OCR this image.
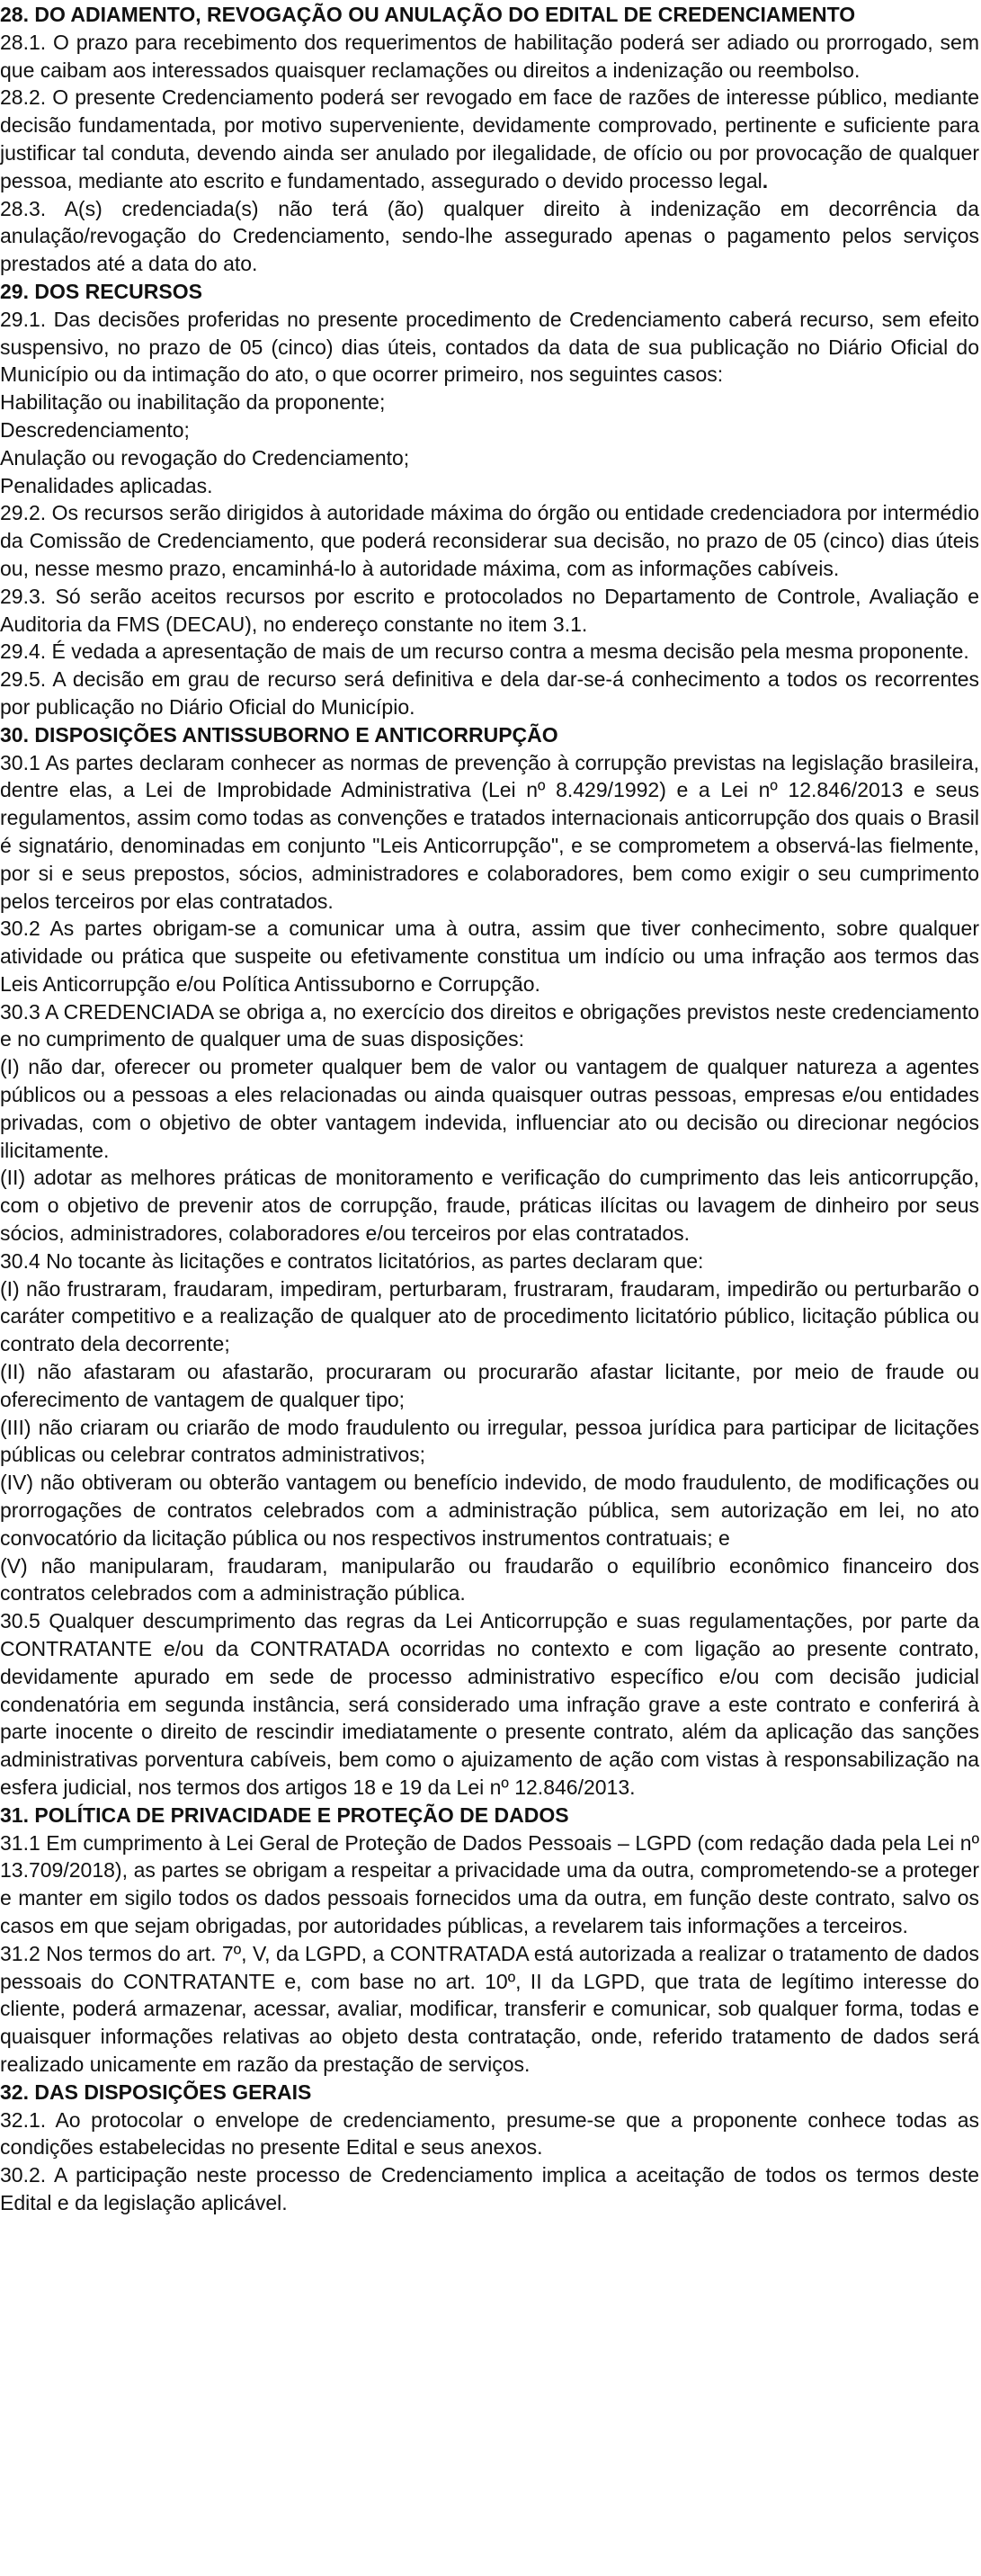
28. DO ADIAMENTO, REVOGAÇÃO OU ANULAÇÃO DO EDITAL DE CREDENCIAMENTO

28.1. O prazo para recebimento dos requerimentos de habilitação poderá ser adiado ou prorrogado, sem que caibam aos interessados quaisquer reclamações ou direitos a indenização ou reembolso.

28.2. O presente Credenciamento poderá ser revogado em face de razões de interesse público, mediante decisão fundamentada, por motivo superveniente, devidamente comprovado, pertinente e suficiente para justificar tal conduta, devendo ainda ser anulado por ilegalidade, de ofício ou por provocação de qualquer pessoa, mediante ato escrito e fundamentado, assegurado o devido processo legal.

28.3. A(s) credenciada(s) não terá (ão) qualquer direito à indenização em decorrência da anulação/revogação do Credenciamento, sendo-lhe assegurado apenas o pagamento pelos serviços prestados até a data do ato.

29. DOS RECURSOS

29.1. Das decisões proferidas no presente procedimento de Credenciamento caberá recurso, sem efeito suspensivo, no prazo de 05 (cinco) dias úteis, contados da data de sua publicação no Diário Oficial do Município ou da intimação do ato, o que ocorrer primeiro, nos seguintes casos:

Habilitação ou inabilitação da proponente;

Descredenciamento;

Anulação ou revogação do Credenciamento;

Penalidades aplicadas.

29.2. Os recursos serão dirigidos à autoridade máxima do órgão ou entidade credenciadora por intermédio da Comissão de Credenciamento, que poderá reconsiderar sua decisão, no prazo de 05 (cinco) dias úteis ou, nesse mesmo prazo, encaminhá-lo à autoridade máxima, com as informações cabíveis.

29.3. Só serão aceitos recursos por escrito e protocolados no Departamento de Controle, Avaliação e Auditoria da FMS (DECAU), no endereço constante no item 3.1.

29.4. É vedada a apresentação de mais de um recurso contra a mesma decisão pela mesma proponente.

29.5. A decisão em grau de recurso será definitiva e dela dar-se-á conhecimento a todos os recorrentes por publicação no Diário Oficial do Município.

30. DISPOSIÇÕES ANTISSUBORNO E ANTICORRUPÇÃO

30.1 As partes declaram conhecer as normas de prevenção à corrupção previstas na legislação brasileira, dentre elas, a Lei de Improbidade Administrativa (Lei nº 8.429/1992) e a Lei nº 12.846/2013 e seus regulamentos, assim como todas as convenções e tratados internacionais anticorrupção dos quais o Brasil é signatário, denominadas em conjunto "Leis Anticorrupção", e se comprometem a observá-las fielmente, por si e seus prepostos, sócios, administradores e colaboradores, bem como exigir o seu cumprimento pelos terceiros por elas contratados.

30.2 As partes obrigam-se a comunicar uma à outra, assim que tiver conhecimento, sobre qualquer atividade ou prática que suspeite ou efetivamente constitua um indício ou uma infração aos termos das Leis Anticorrupção e/ou Política Antissuborno e Corrupção.

30.3 A CREDENCIADA se obriga a, no exercício dos direitos e obrigações previstos neste credenciamento e no cumprimento de qualquer uma de suas disposições:

(I) não dar, oferecer ou prometer qualquer bem de valor ou vantagem de qualquer natureza a agentes públicos ou a pessoas a eles relacionadas ou ainda quaisquer outras pessoas, empresas e/ou entidades privadas, com o objetivo de obter vantagem indevida, influenciar ato ou decisão ou direcionar negócios ilicitamente.

(II) adotar as melhores práticas de monitoramento e verificação do cumprimento das leis anticorrupção, com o objetivo de prevenir atos de corrupção, fraude, práticas ilícitas ou lavagem de dinheiro por seus sócios, administradores, colaboradores e/ou terceiros por elas contratados.

30.4 No tocante às licitações e contratos licitatórios, as partes declaram que:

(I) não frustraram, fraudaram, impediram, perturbaram, frustraram, fraudaram, impedirão ou perturbarão o caráter competitivo e a realização de qualquer ato de procedimento licitatório público, licitação pública ou contrato dela decorrente;

(II) não afastaram ou afastarão, procuraram ou procurarão afastar licitante, por meio de fraude ou oferecimento de vantagem de qualquer tipo;

(III) não criaram ou criarão de modo fraudulento ou irregular, pessoa jurídica para participar de licitações públicas ou celebrar contratos administrativos;

(IV) não obtiveram ou obterão vantagem ou benefício indevido, de modo fraudulento, de modificações ou prorrogações de contratos celebrados com a administração pública, sem autorização em lei, no ato convocatório da licitação pública ou nos respectivos instrumentos contratuais; e

(V) não manipularam, fraudaram, manipularão ou fraudarão o equilíbrio econômico financeiro dos contratos celebrados com a administração pública.

30.5 Qualquer descumprimento das regras da Lei Anticorrupção e suas regulamentações, por parte da CONTRATANTE e/ou da CONTRATADA ocorridas no contexto e com ligação ao presente contrato, devidamente apurado em sede de processo administrativo específico e/ou com decisão judicial condenatória em segunda instância, será considerado uma infração grave a este contrato e conferirá à parte inocente o direito de rescindir imediatamente o presente contrato, além da aplicação das sanções administrativas porventura cabíveis, bem como o ajuizamento de ação com vistas à responsabilização na esfera judicial, nos termos dos artigos 18 e 19 da Lei nº 12.846/2013.

31. POLÍTICA DE PRIVACIDADE E PROTEÇÃO DE DADOS

31.1 Em cumprimento à Lei Geral de Proteção de Dados Pessoais – LGPD (com redação dada pela Lei nº 13.709/2018), as partes se obrigam a respeitar a privacidade uma da outra, comprometendo-se a proteger e manter em sigilo todos os dados pessoais fornecidos uma da outra, em função deste contrato, salvo os casos em que sejam obrigadas, por autoridades públicas, a revelarem tais informações a terceiros.

31.2 Nos termos do art. 7º, V, da LGPD, a CONTRATADA está autorizada a realizar o tratamento de dados pessoais do CONTRATANTE e, com base no art. 10º, II da LGPD, que trata de legítimo interesse do cliente, poderá armazenar, acessar, avaliar, modificar, transferir e comunicar, sob qualquer forma, todas e quaisquer informações relativas ao objeto desta contratação, onde, referido tratamento de dados será realizado unicamente em razão da prestação de serviços.

32. DAS DISPOSIÇÕES GERAIS

32.1. Ao protocolar o envelope de credenciamento, presume-se que a proponente conhece todas as condições estabelecidas no presente Edital e seus anexos.

30.2. A participação neste processo de Credenciamento implica a aceitação de todos os termos deste Edital e da legislação aplicável.
